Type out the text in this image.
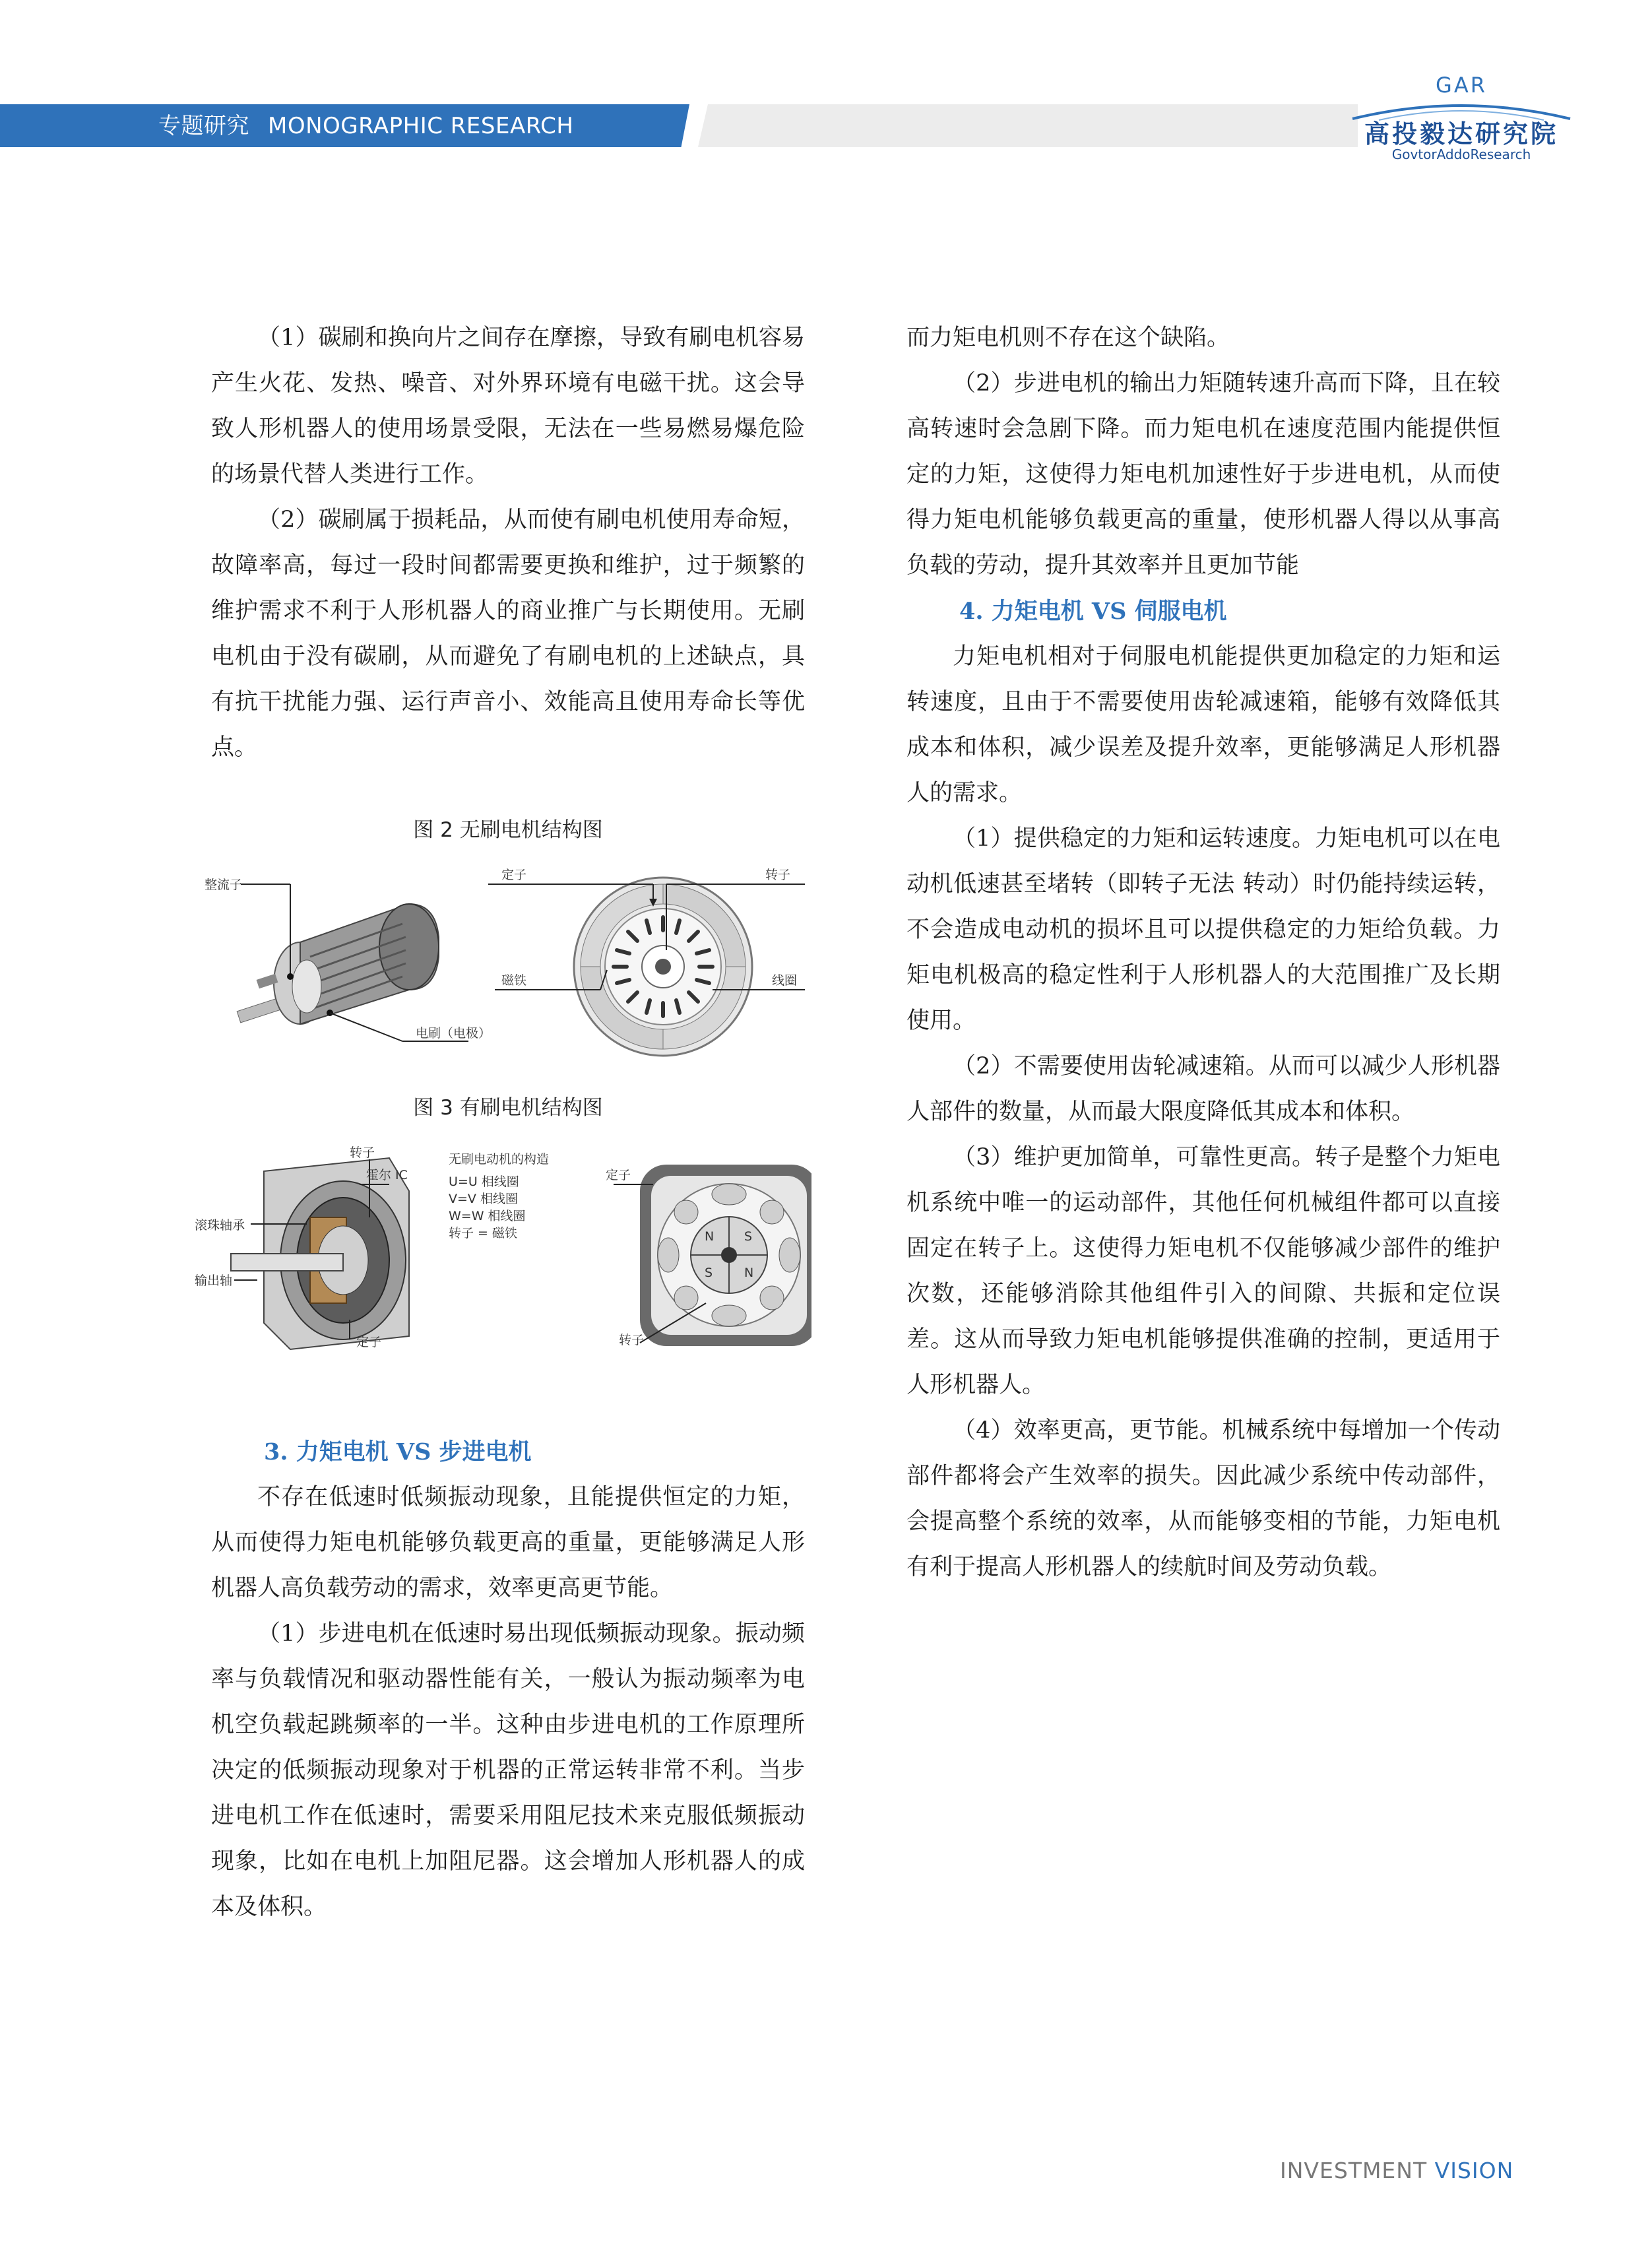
专题研究 MONOGRAPHIC RESEARCH
GAR
高投毅达研究院
GovtorAddoResearch

（1）碳刷和换向片之间存在摩擦，导致有刷电机容易产生火花、发热、噪音、对外界环境有电磁干扰。这会导致人形机器人的使用场景受限，无法在一些易燃易爆危险的场景代替人类进行工作。

（2）碳刷属于损耗品，从而使有刷电机使用寿命短，故障率高，每过一段时间都需要更换和维护，过于频繁的维护需求不利于人形机器人的商业推广与长期使用。无刷电机由于没有碳刷，从而避免了有刷电机的上述缺点，具有抗干扰能力强、运行声音小、效能高且使用寿命长等优点。

图 2 无刷电机结构图
整流子
电刷（电极）
定子	转子
磁铁	线圈
图 3 有刷电机结构图
转子
霍尔 IC
滚珠轴承
输出轴
定子
无刷电动机的构造
U=U 相线圈
V=V 相线圈
W=W 相线圈
转子 = 磁铁	N S
S	N
定子
转子

3. 力矩电机 VS 步进电机

不存在低速时低频振动现象，且能提供恒定的力矩，从而使得力矩电机能够负载更高的重量，更能够满足人形机器人高负载劳动的需求，效率更高更节能。

（1）步进电机在低速时易出现低频振动现象。振动频率与负载情况和驱动器性能有关，一般认为振动频率为电机空负载起跳频率的一半。这种由步进电机的工作原理所决定的低频振动现象对于机器的正常运转非常不利。当步进电机工作在低速时，需要采用阻尼技术来克服低频振动现象，比如在电机上加阻尼器。这会增加人形机器人的成本及体积。

而力矩电机则不存在这个缺陷。

（2）步进电机的输出力矩随转速升高而下降，且在较高转速时会急剧下降。而力矩电机在速度范围内能提供恒定的力矩，这使得力矩电机加速性好于步进电机，从而使得力矩电机能够负载更高的重量，使形机器人得以从事高负载的劳动，提升其效率并且更加节能

4. 力矩电机 VS 伺服电机

力矩电机相对于伺服电机能提供更加稳定的力矩和运转速度，且由于不需要使用齿轮减速箱，能够有效降低其成本和体积，减少误差及提升效率，更能够满足人形机器人的需求。

（1）提供稳定的力矩和运转速度。力矩电机可以在电动机低速甚至堵转（即转子无法 转动）时仍能持续运转，不会造成电动机的损坏且可以提供稳定的力矩给负载。力矩电机极高的稳定性利于人形机器人的大范围推广及长期使用。

（2）不需要使用齿轮减速箱。从而可以减少人形机器人部件的数量，从而最大限度降低其成本和体积。

（3）维护更加简单，可靠性更高。转子是整个力矩电机系统中唯一的运动部件，其他任何机械组件都可以直接固定在转子上。这使得力矩电机不仅能够减少部件的维护次数，还能够消除其他组件引入的间隙、共振和定位误差。这从而导致力矩电机能够提供准确的控制，更适用于人形机器人。

（4）效率更高，更节能。机械系统中每增加一个传动部件都将会产生效率的损失。因此减少系统中传动部件，会提高整个系统的效率，从而能够变相的节能，力矩电机有利于提高人形机器人的续航时间及劳动负载。

INVESTMENT VISION
